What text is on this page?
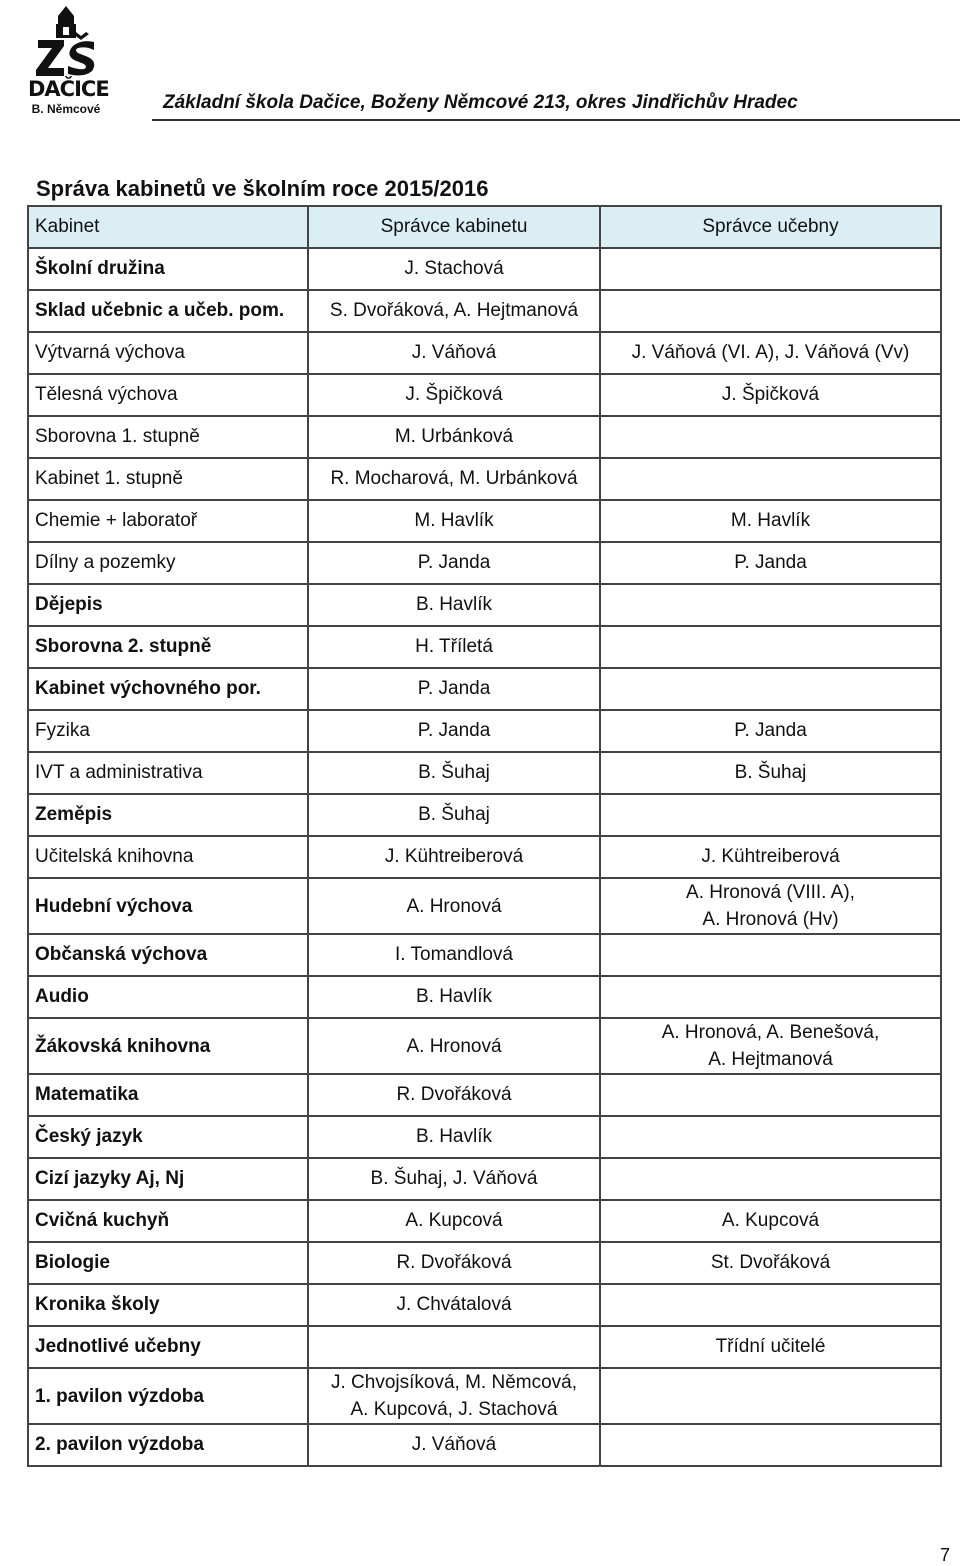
DAČICE
B. Němcové	Základní škola Dačice, Boženy Němcové 213, okres Jindřichův Hradec
Správa kabinetů ve školním roce 2015/2016
Kabinet	Správce kabinetu	Správce učebny
Školní družina	J. Stachová	
Sklad učebnic a učeb. pom.	S. Dvořáková, A. Hejtmanová	
Výtvarná výchova	J. Váňová	J. Váňová (VI. A), J. Váňová (Vv)
Tělesná výchova	J. Špičková	J. Špičková
Sborovna 1. stupně	M. Urbánková	
Kabinet 1. stupně	R. Mocharová, M. Urbánková	
Chemie + laboratoř	M. Havlík	M. Havlík
Dílny a pozemky	P. Janda	P. Janda
Dějepis	B. Havlík	
Sborovna 2. stupně	H. Tříletá	
Kabinet výchovného por.	P. Janda	
Fyzika	P. Janda	P. Janda
IVT a administrativa	B. Šuhaj	B. Šuhaj
Zeměpis	B. Šuhaj	
Učitelská knihovna	J. Kühtreiberová	J. Kühtreiberová
Hudební výchova	A. Hronová	A. Hronová (VIII. A),
A. Hronová (Hv)

Občanská výchova	I. Tomandlová	
Audio	B. Havlík	
Žákovská knihovna	A. Hronová	A. Hronová, A. Benešová,
A. Hejtmanová

Matematika	R. Dvořáková	
Český jazyk	B. Havlík	
Cizí jazyky Aj, Nj	B. Šuhaj, J. Váňová	
Cvičná kuchyň	A. Kupcová	A. Kupcová
Biologie	R. Dvořáková	St. Dvořáková
Kronika školy	J. Chvátalová	
Jednotlivé učebny		Třídní učitelé
1. pavilon výzdoba	J. Chvojsíková, M. Němcová,
A. Kupcová, J. Stachová	

2. pavilon výzdoba	J. Váňová	
7
